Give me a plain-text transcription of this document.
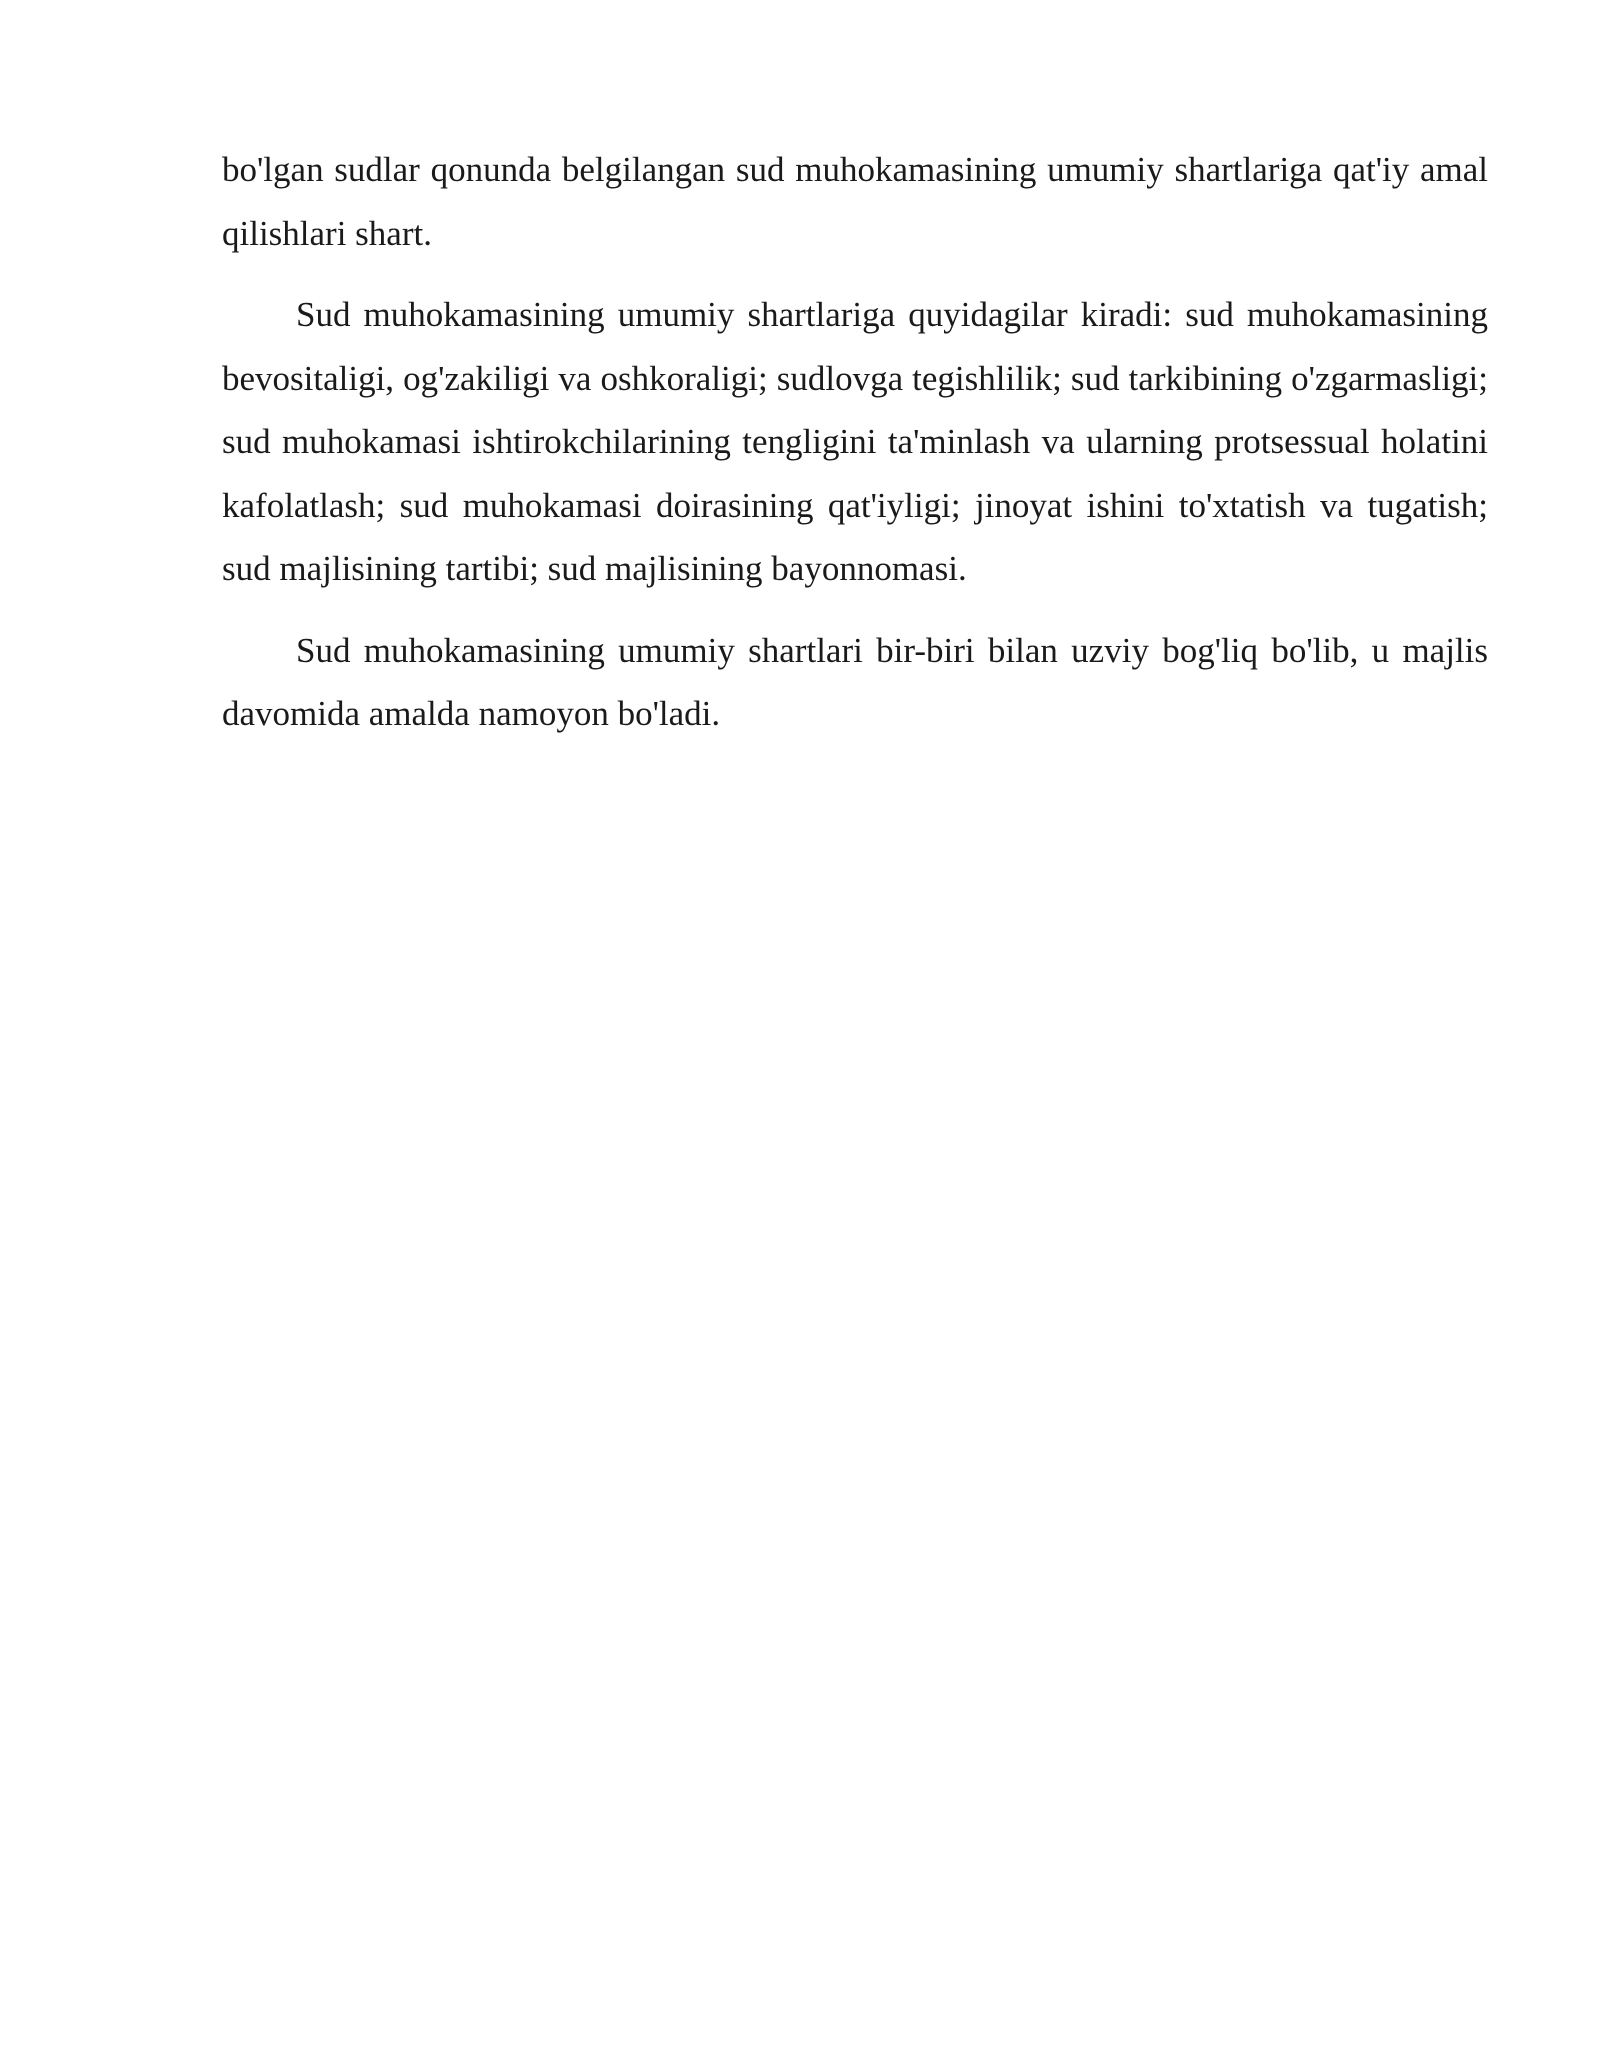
bo'lgan sudlar qonunda belgilangan sud muhokamasining umumiy shartlariga qat'iy amal qilishlari shart.

Sud muhokamasining umumiy shartlariga quyidagilar kiradi: sud muhokamasining bevositaligi, og'zakiligi va oshkoraligi; sudlovga tegishlilik; sud tarkibining o'zgarmasligi; sud muhokamasi ishtirokchilarining tengligini ta'minlash va ularning protsessual holatini kafolatlash; sud muhokamasi doirasining qat'iyligi; jinoyat ishini to'xtatish va tugatish; sud majlisining tartibi; sud majlisining bayonnomasi.

Sud muhokamasining umumiy shartlari bir-biri bilan uzviy bog'liq bo'lib, u majlis davomida amalda namoyon bo'ladi.
